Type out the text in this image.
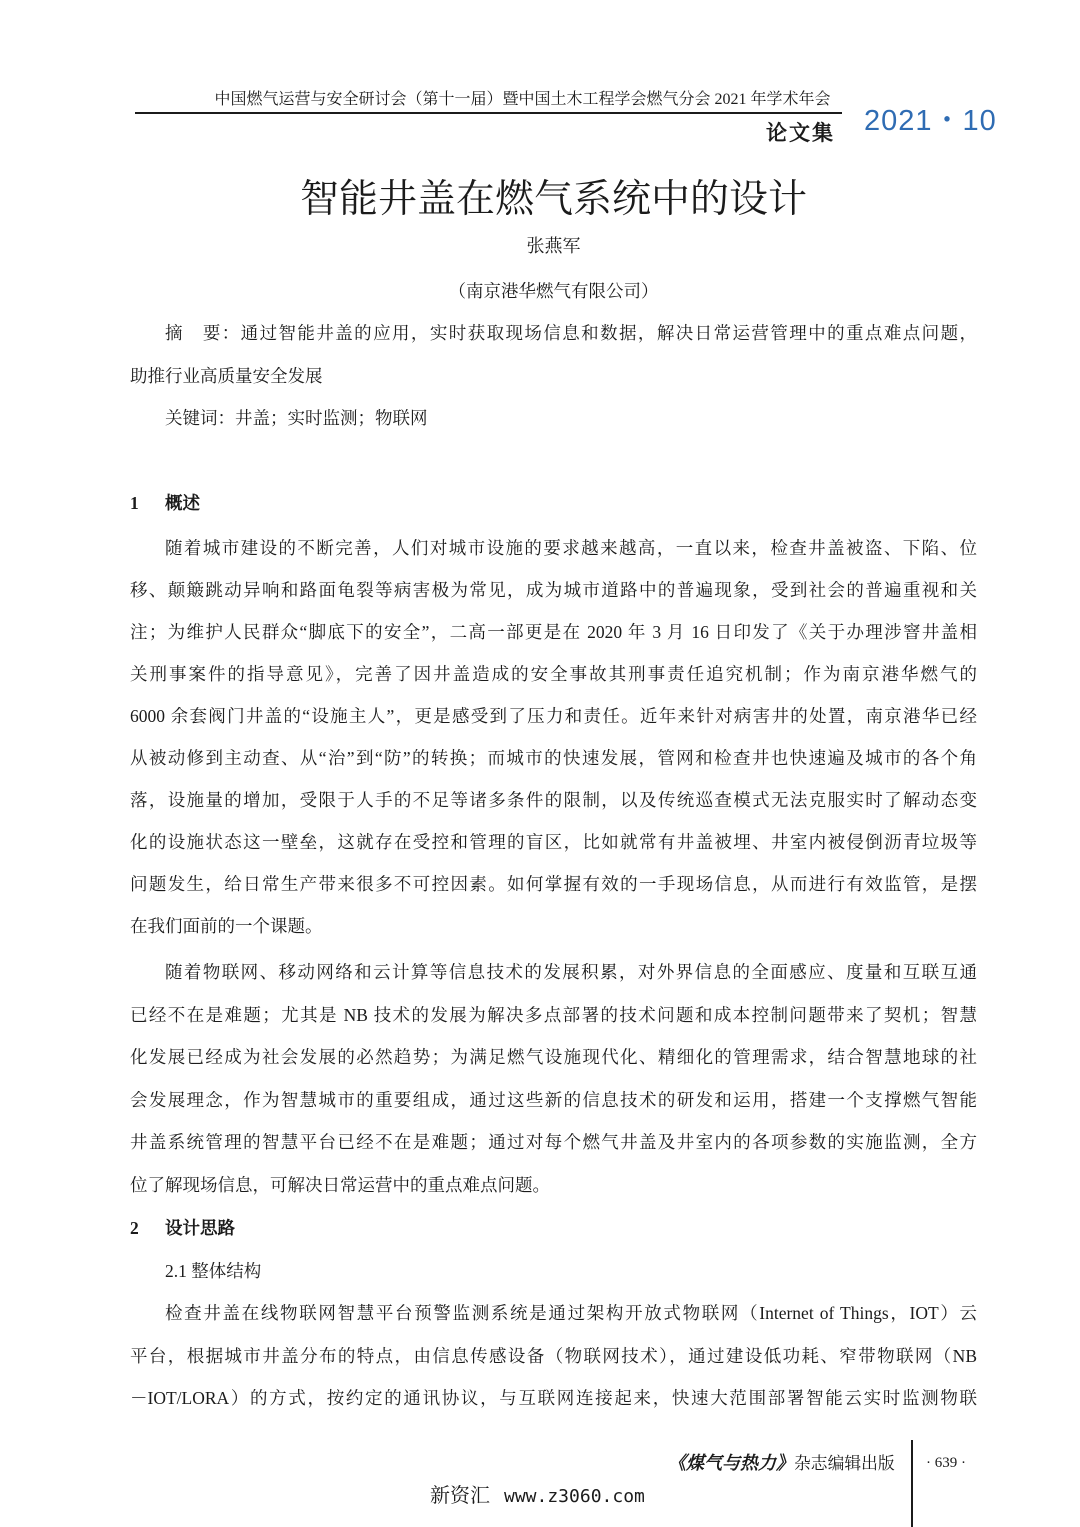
中国燃气运营与安全研讨会（第十一届）暨中国土木工程学会燃气分会 2021 年学术年会
论文集 2021・10
智能井盖在燃气系统中的设计
张燕军
（南京港华燃气有限公司）
摘　要：通过智能井盖的应用，实时获取现场信息和数据，解决日常运营管理中的重点难点问题，
助推行业高质量安全发展
关键词：井盖；实时监测；物联网
1 概述
随着城市建设的不断完善，人们对城市设施的要求越来越高，一直以来，检查井盖被盗、下陷、位
移、颠簸跳动异响和路面龟裂等病害极为常见，成为城市道路中的普遍现象，受到社会的普遍重视和关
注；为维护人民群众“脚底下的安全”，二高一部更是在 2020 年 3 月 16 日印发了《关于办理涉窨井盖相
关刑事案件的指导意见》，完善了因井盖造成的安全事故其刑事责任追究机制；作为南京港华燃气的
6000 余套阀门井盖的“设施主人”，更是感受到了压力和责任。近年来针对病害井的处置，南京港华已经
从被动修到主动查、从“治”到“防”的转换；而城市的快速发展，管网和检查井也快速遍及城市的各个角
落，设施量的增加，受限于人手的不足等诸多条件的限制，以及传统巡查模式无法克服实时了解动态变
化的设施状态这一壁垒，这就存在受控和管理的盲区，比如就常有井盖被埋、井室内被侵倒沥青垃圾等
问题发生，给日常生产带来很多不可控因素。如何掌握有效的一手现场信息，从而进行有效监管，是摆
在我们面前的一个课题。
随着物联网、移动网络和云计算等信息技术的发展积累，对外界信息的全面感应、度量和互联互通
已经不在是难题；尤其是 NB 技术的发展为解决多点部署的技术问题和成本控制问题带来了契机；智慧
化发展已经成为社会发展的必然趋势；为满足燃气设施现代化、精细化的管理需求，结合智慧地球的社
会发展理念，作为智慧城市的重要组成，通过这些新的信息技术的研发和运用，搭建一个支撑燃气智能
井盖系统管理的智慧平台已经不在是难题；通过对每个燃气井盖及井室内的各项参数的实施监测，全方
位了解现场信息，可解决日常运营中的重点难点问题。
2 设计思路
2.1 整体结构
检查井盖在线物联网智慧平台预警监测系统是通过架构开放式物联网（Internet of Things，IOT）云
平台，根据城市井盖分布的特点，由信息传感设备（物联网技术），通过建设低功耗、窄带物联网（NB
－IOT/LORA）的方式，按约定的通讯协议，与互联网连接起来，快速大范围部署智能云实时监测物联
《煤气与热力》杂志编辑出版 · 639 ·
新资汇 www.z3060.com
